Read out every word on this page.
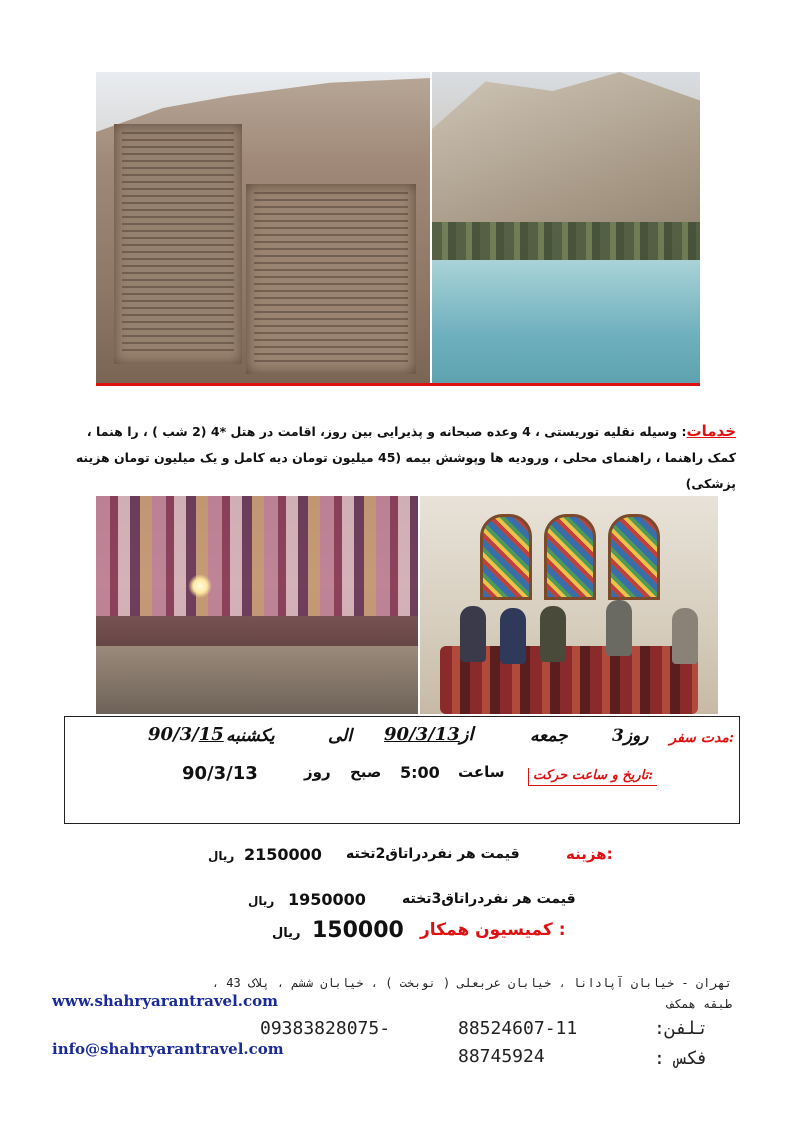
خدمات: وسیله نقلیه توریستی ، 4 وعده صبحانه و پذیرایی بین روز، اقامت در هتل *4 (2 شب ) ، را هنما ،
کمک راهنما ، راهنمای محلی ، ورودیه ها وپوشش بیمه (45 میلیون تومان دیه کامل و یک میلیون تومان هزینه
پزشکی)
مدت سفر:
3روز
جمعه
90/3/13از
الی
یکشنبه
90/3/15
تاریخ و ساعت حرکت:
ساعت
5:00
صبح
روز
90/3/13
هزینه:
قیمت هر نفردراتاق2تخته
2150000
ریال
قیمت هر نفردراتاق3تخته
1950000
ریال
کمیسیون همکار :
150000
ریال
تهران - خیابان آپادانا ، خیابان عربعلی ( نوبخت ) ، خیابان ششم ، پلاک 43 ،
طبقه همکف
www.shahryarantravel.com
تلفن:
88524607-11
09383828075-
info@shahryarantravel.com	فکس :
88745924
